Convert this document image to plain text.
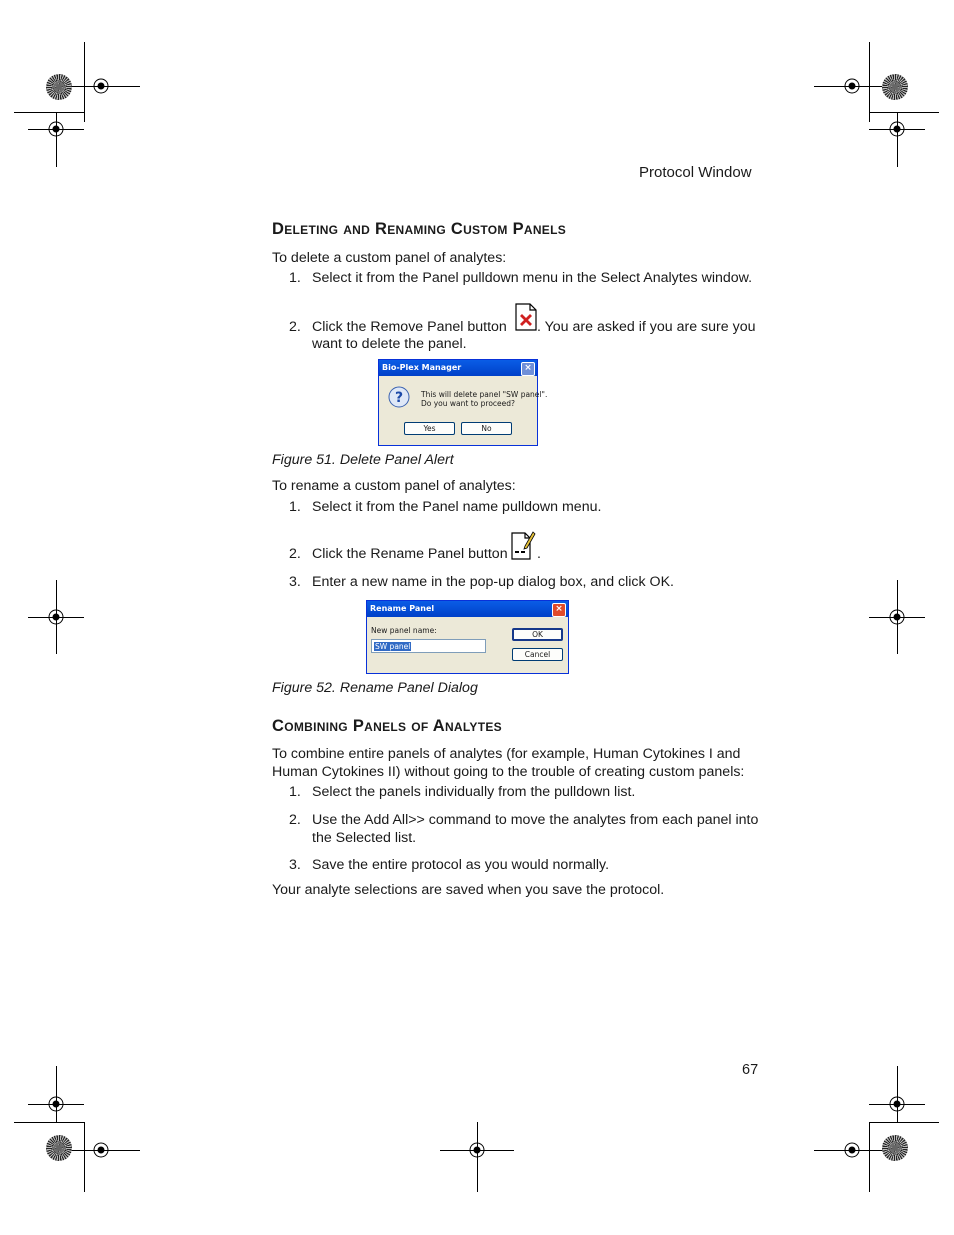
Protocol Window
Deleting and Renaming Custom Panels
To delete a custom panel of analytes:
1. Select it from the Panel pulldown menu in the Select Analytes window.
2. Click the Remove Panel button	. You are asked if you are sure you
want to delete the panel.
Bio-Plex Manager	×
? This will delete panel "SW panel".
Do you want to proceed?
Yes	No
Figure 51. Delete Panel Alert
To rename a custom panel of analytes:
1. Select it from the Panel name pulldown menu.
2. Click the Rename Panel button	.
3. Enter a new name in the pop-up dialog box, and click OK.
Rename Panel	×
New panel name:
SW panel
OK
Cancel
Figure 52. Rename Panel Dialog
Combining Panels of Analytes
To combine entire panels of analytes (for example, Human Cytokines I and
Human Cytokines II) without going to the trouble of creating custom panels:
1. Select the panels individually from the pulldown list.
2. Use the Add All>> command to move the analytes from each panel into
the Selected list.
3. Save the entire protocol as you would normally.
Your analyte selections are saved when you save the protocol.
67
